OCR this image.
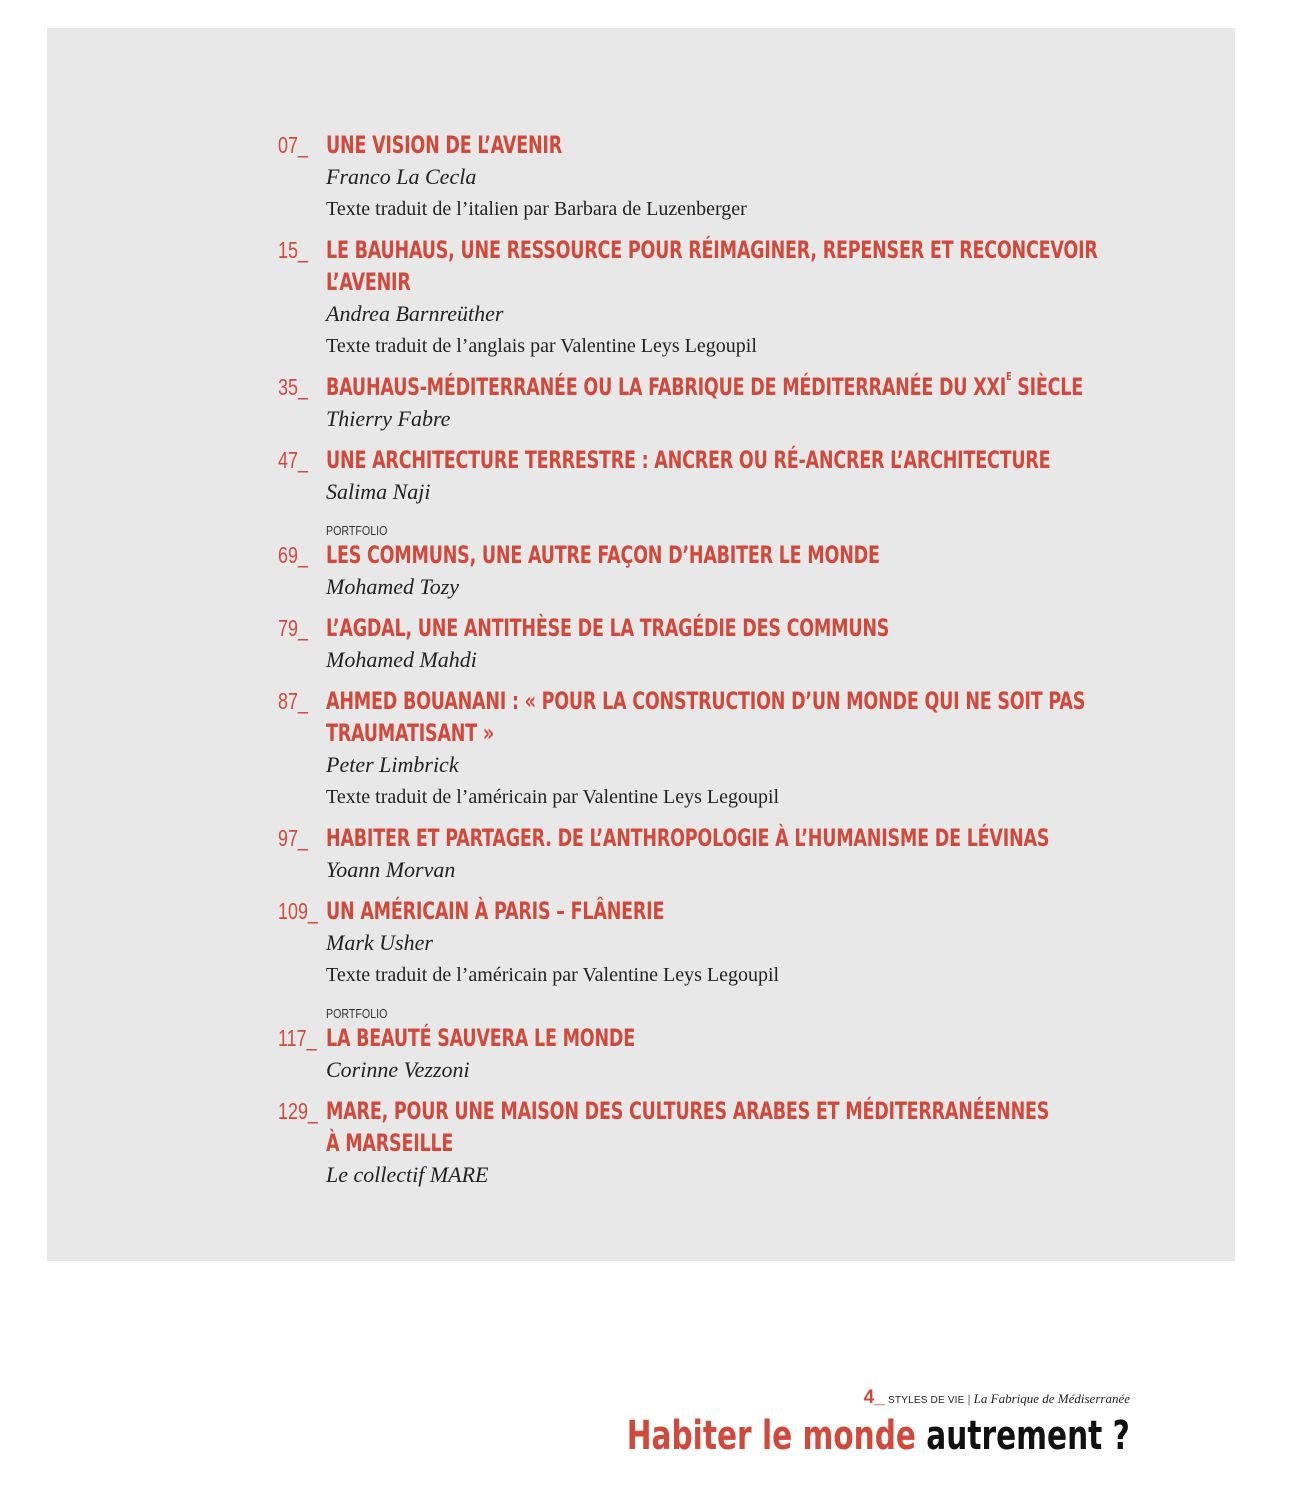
07_ UNE VISION DE L’AVENIR
Franco La Cecla
Texte traduit de l’italien par Barbara de Luzenberger
15_ LE BAUHAUS, UNE RESSOURCE POUR RÉIMAGINER, REPENSER ET RECONCEVOIR
L’AVENIR
Andrea Barnreüther
Texte traduit de l’anglais par Valentine Leys Legoupil
35_ BAUHAUS-MÉDITERRANÉE OU LA FABRIQUE DE MÉDITERRANÉE DU $XXI^E$ SIÈCLE
Thierry Fabre
47_ UNE ARCHITECTURE TERRESTRE : ANCRER OU RÉ-ANCRER L’ARCHITECTURE
Salima Naji
PORTFOLIO
69_ LES COMMUNS, UNE AUTRE FAÇON D’HABITER LE MONDE
Mohamed Tozy
79_ L’AGDAL, UNE ANTITHÈSE DE LA TRAGÉDIE DES COMMUNS
Mohamed Mahdi
87_ AHMED BOUANANI : « POUR LA CONSTRUCTION D’UN MONDE QUI NE SOIT PAS
TRAUMATISANT »
Peter Limbrick
Texte traduit de l’américain par Valentine Leys Legoupil
97_ HABITER ET PARTAGER. DE L’ANTHROPOLOGIE À L’HUMANISME DE LÉVINAS
Yoann Morvan
109_ UN AMÉRICAIN À PARIS – FLÂNERIE
Mark Usher
Texte traduit de l’américain par Valentine Leys Legoupil
PORTFOLIO
117_ LA BEAUTÉ SAUVERA LE MONDE
Corinne Vezzoni
129_ MARE, POUR UNE MAISON DES CULTURES ARABES ET MÉDITERRANÉENNES
À MARSEILLE
Le collectif MARE
4_ STYLES DE VIE | La Fabrique de Médiserranée
Habiter le monde autrement ?
